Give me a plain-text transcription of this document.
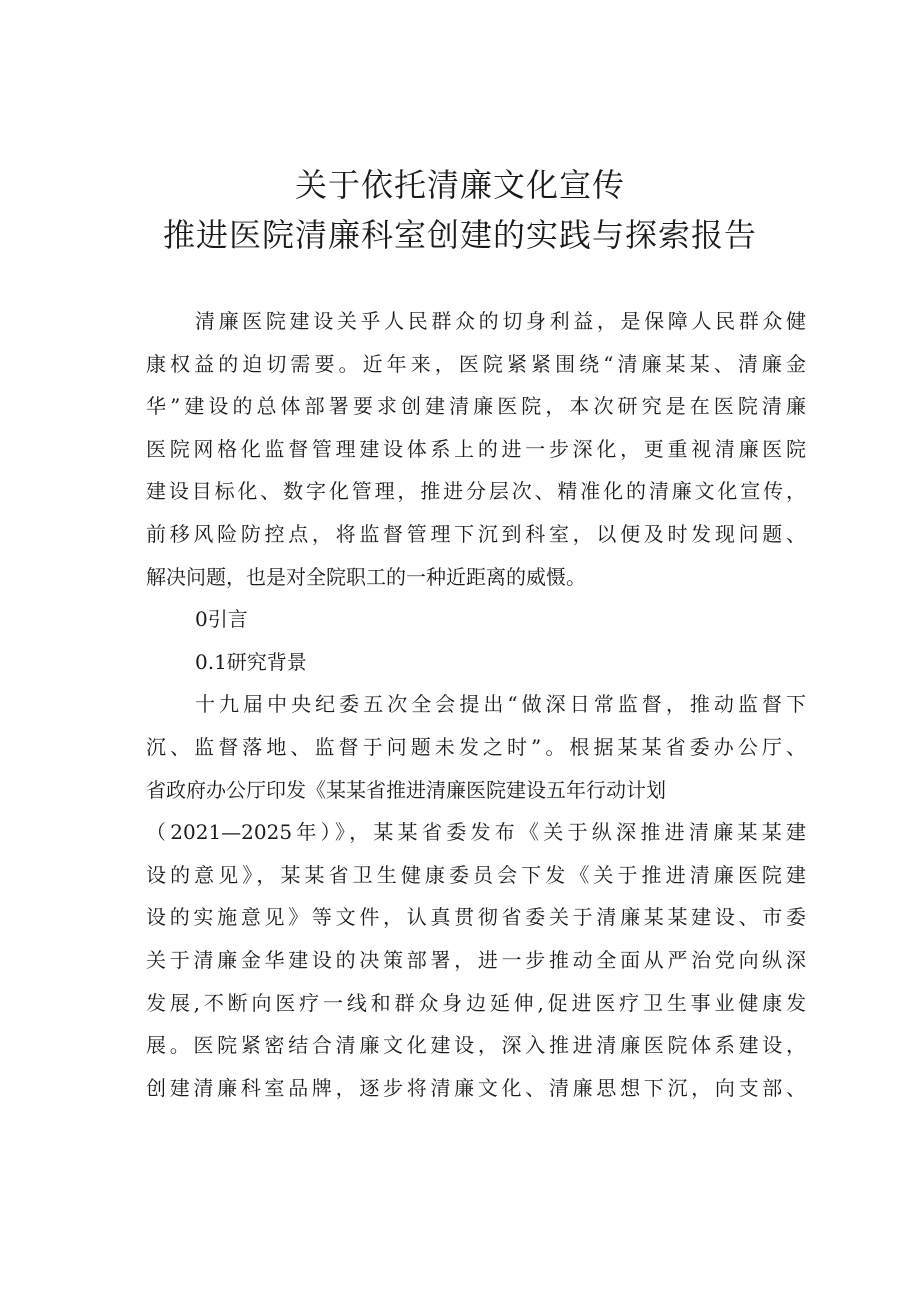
关于依托清廉文化宣传
推进医院清廉科室创建的实践与探索报告
清廉医院建设关乎人民群众的切身利益，是保障人民群众健
康权益的迫切需要。近年来，医院紧紧围绕“清廉某某、清廉金
华”建设的总体部署要求创建清廉医院，本次研究是在医院清廉
医院网格化监督管理建设体系上的进一步深化，更重视清廉医院
建设目标化、数字化管理，推进分层次、精准化的清廉文化宣传，
前移风险防控点，将监督管理下沉到科室，以便及时发现问题、
解决问题，也是对全院职工的一种近距离的威慑。
0引言
0.1研究背景
十九届中央纪委五次全会提出“做深日常监督，推动监督下
沉、监督落地、监督于问题未发之时”。根据某某省委办公厅、
省政府办公厅印发《某某省推进清廉医院建设五年行动计划
（2021—2025年）》，某某省委发布《关于纵深推进清廉某某建
设的意见》，某某省卫生健康委员会下发《关于推进清廉医院建
设的实施意见》等文件，认真贯彻省委关于清廉某某建设、市委
关于清廉金华建设的决策部署，进一步推动全面从严治党向纵深
发展,不断向医疗一线和群众身边延伸,促进医疗卫生事业健康发
展。医院紧密结合清廉文化建设，深入推进清廉医院体系建设，
创建清廉科室品牌，逐步将清廉文化、清廉思想下沉，向支部、
